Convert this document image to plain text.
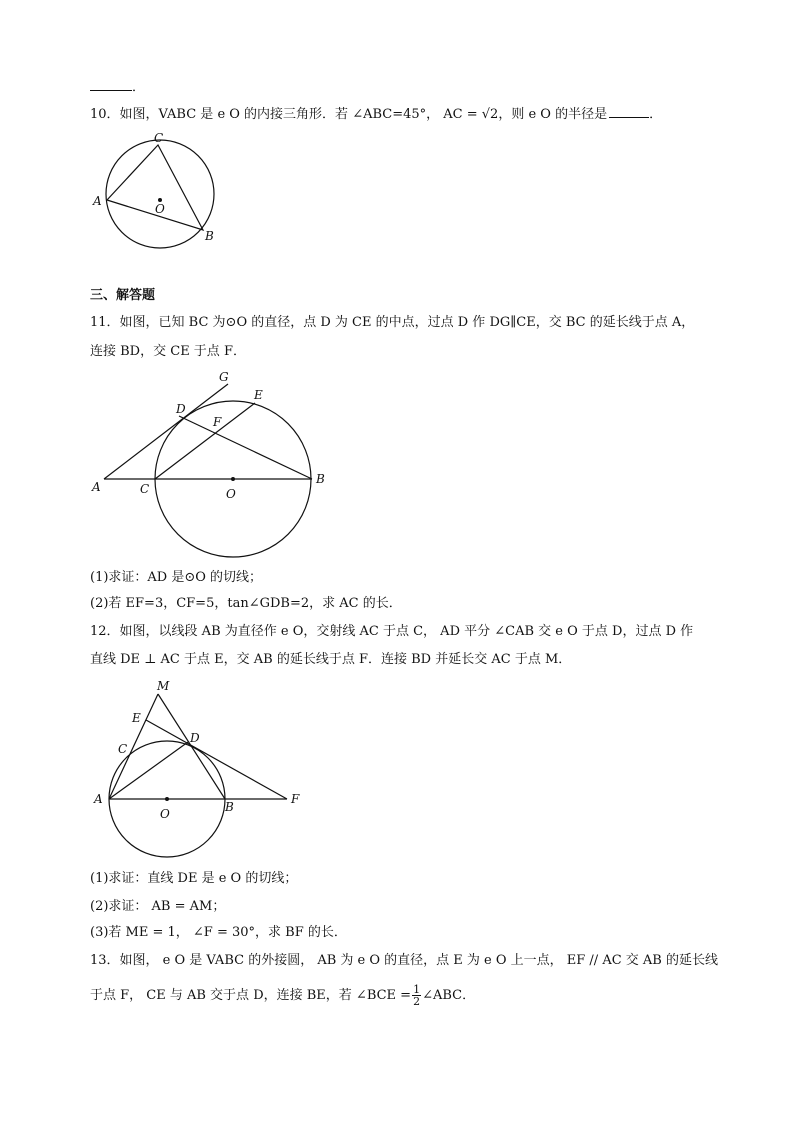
．
10．如图，VABC 是 e O 的内接三角形．若 ∠ABC=45°， AC = √2，则 e O 的半径是	．
C
A
O
B
三、解答题
11．如图，已知 BC 为⊙O 的直径，点 D 为 CE 的中点，过点 D 作 DG∥CE，交 BC 的延长线于点 A，
连接 BD，交 CE 于点 F．
G
D
E
F
A	C	O
B
(1)求证：AD 是⊙O 的切线；
(2)若 EF=3，CF=5，tan∠GDB=2，求 AC 的长．
12．如图，以线段 AB 为直径作 e O，交射线 AC 于点 C， AD 平分 ∠CAB 交 e O 于点 D，过点 D 作
直线 DE ⊥ AC 于点 E，交 AB 的延长线于点 F．连接 BD 并延长交 AC 于点 M．
M
E
C
D
A
O	B
F
(1)求证：直线 DE 是 e O 的切线；
(2)求证： AB = AM；
(3)若 ME = 1， ∠F = 30°，求 BF 的长．
13．如图， e O 是 VABC 的外接圆， AB 为 e O 的直径，点 E 为 e O 上一点， EF // AC 交 AB 的延长线
于点 F， CE 与 AB 交于点 D，连接 BE，若 ∠BCE = $\frac{1}{2}$ ∠ABC．
